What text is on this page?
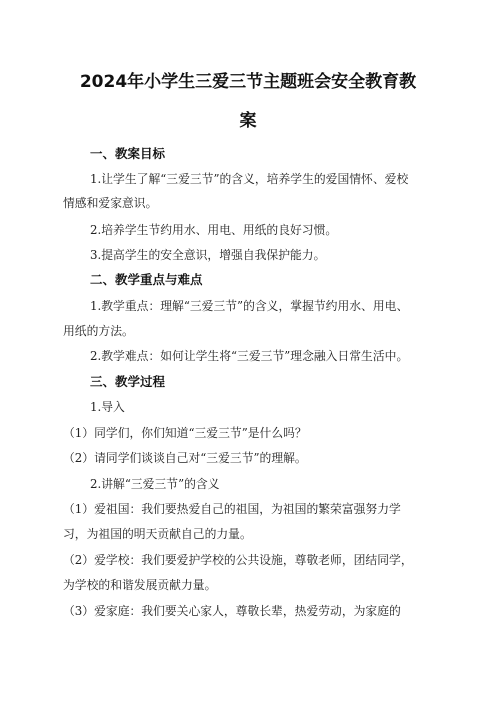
2024年小学生三爱三节主题班会安全教育教
案
一、教案目标
1.让学生了解“三爱三节”的含义，培养学生的爱国情怀、爱校
情感和爱家意识。
2.培养学生节约用水、用电、用纸的良好习惯。
3.提高学生的安全意识，增强自我保护能力。
二、教学重点与难点
1.教学重点：理解“三爱三节”的含义，掌握节约用水、用电、
用纸的方法。
2.教学难点：如何让学生将“三爱三节”理念融入日常生活中。
三、教学过程
1.导入
（1）同学们，你们知道“三爱三节”是什么吗？
（2）请同学们谈谈自己对“三爱三节”的理解。
2.讲解“三爱三节”的含义
（1）爱祖国：我们要热爱自己的祖国，为祖国的繁荣富强努力学
习，为祖国的明天贡献自己的力量。
（2）爱学校：我们要爱护学校的公共设施，尊敬老师，团结同学，
为学校的和谐发展贡献力量。
（3）爱家庭：我们要关心家人，尊敬长辈，热爱劳动，为家庭的
